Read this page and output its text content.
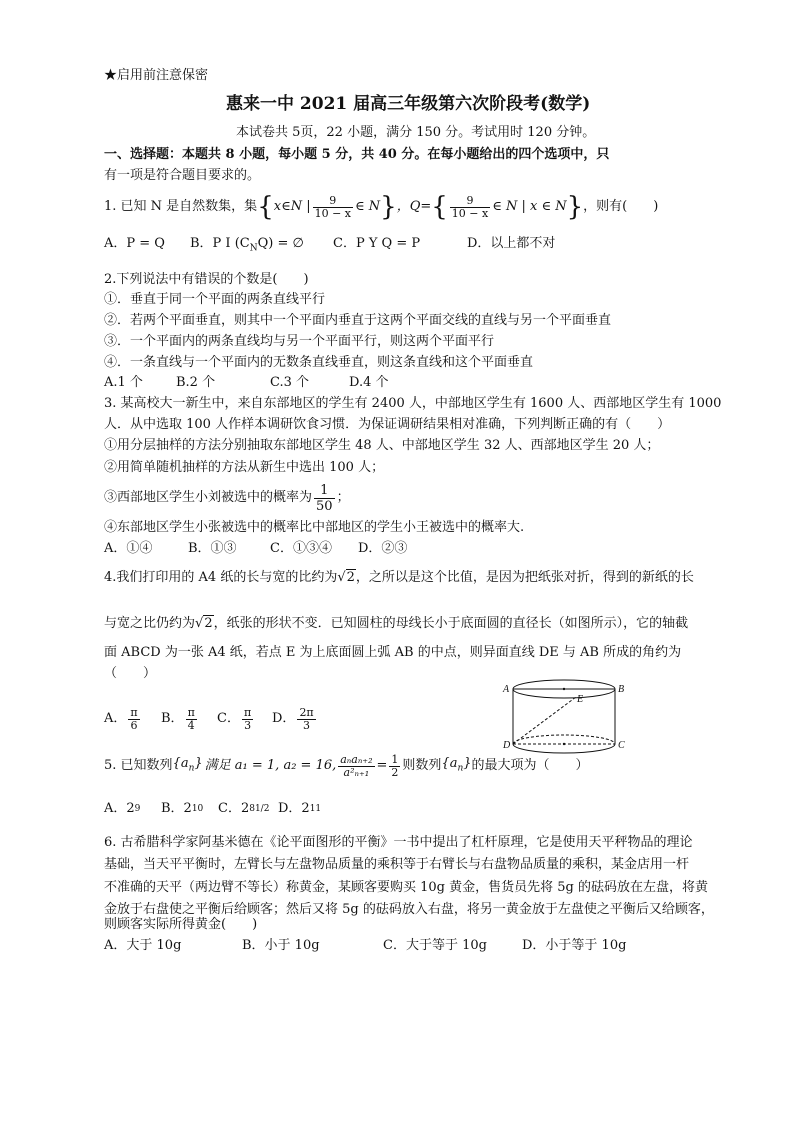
★启用前注意保密
惠来一中 2021 届高三年级第六次阶段考(数学)
本试卷共 5页，22 小题，满分 150 分。考试用时 120 分钟。
一、选择题：本题共 8 小题，每小题 5 分，共 40 分。在每小题给出的四个选项中，只
有一项是符合题目要求的。
1. 已知 N 是自然数集，集 { x∈N | $\frac{9}{10 - x}$ ∈ N } ，Q= { $\frac{9}{10 - x}$ ∈ N | x ∈ N } ，则有(　　)
A．P = Q B．P I $(C_NQ)$ = ∅ C．P Y Q = P	D．以上都不对
2.下列说法中有错误的个数是(　　)
①．垂直于同一个平面的两条直线平行
②．若两个平面垂直，则其中一个平面内垂直于这两个平面交线的直线与另一个平面垂直
③．一个平面内的两条直线均与另一个平面平行，则这两个平面平行
④．一条直线与一个平面内的无数条直线垂直，则这条直线和这个平面垂直
A.1 个	B.2 个	C.3 个	D.4 个
3. 某高校大一新生中，来自东部地区的学生有 2400 人，中部地区学生有 1600 人、西部地区学生有 1000
人．从中选取 100 人作样本调研饮食习惯．为保证调研结果相对准确，下列判断正确的有（　　）
①用分层抽样的方法分别抽取东部地区学生 48 人、中部地区学生 32 人、西部地区学生 20 人；
②用简单随机抽样的方法从新生中选出 100 人；
③西部地区学生小刘被选中的概率为 $\frac{1}{50}$ ；
④东部地区学生小张被选中的概率比中部地区的学生小王被选中的概率大.
A．①④	B．①③	C．①③④ D．②③
4.我们打印用的 A4 纸的长与宽的比约为√2，之所以是这个比值，是因为把纸张对折，得到的新纸的长
与宽之比仍约为√2，纸张的形状不变．已知圆柱的母线长小于底面圆的直径长（如图所示），它的轴截
面 ABCD 为一张 A4 纸，若点 E 为上底面圆上弧 AB 的中点，则异面直线 DE 与 AB 所成的角约为
（　　）
A． $\frac{\pi}{6}$ B． $\frac{\pi}{4}$ C． $\frac{\pi}{3}$ D． $\frac{2\pi}{3}$
A	B
E
D	C
5. 已知数列 $\{a_n\}$ 满足 a₁ = 1, a₂ = 16, $\frac{\text{aₙaₙ₊₂}}{\text{a²ₙ₊₁}} = \frac{1}{2}$ 则数列 $\{a_n\}$ 的最大项为（　　）
A．2 9 B．2 10 C．2 81/2 D．2 11
6. 古希腊科学家阿基米德在《论平面图形的平衡》一书中提出了杠杆原理，它是使用天平秤物品的理论
基础，当天平平衡时，左臂长与左盘物品质量的乘积等于右臂长与右盘物品质量的乘积，某金店用一杆
不准确的天平（两边臂不等长）称黄金，某顾客要购买 10g 黄金，售货员先将 5g 的砝码放在左盘，将黄
金放于右盘使之平衡后给顾客；然后又将 5g 的砝码放入右盘，将另一黄金放于左盘使之平衡后又给顾客，
则顾客实际所得黄金(　　)
A．大于 10g	B．小于 10g	C．大于等于 10g	D．小于等于 10g
